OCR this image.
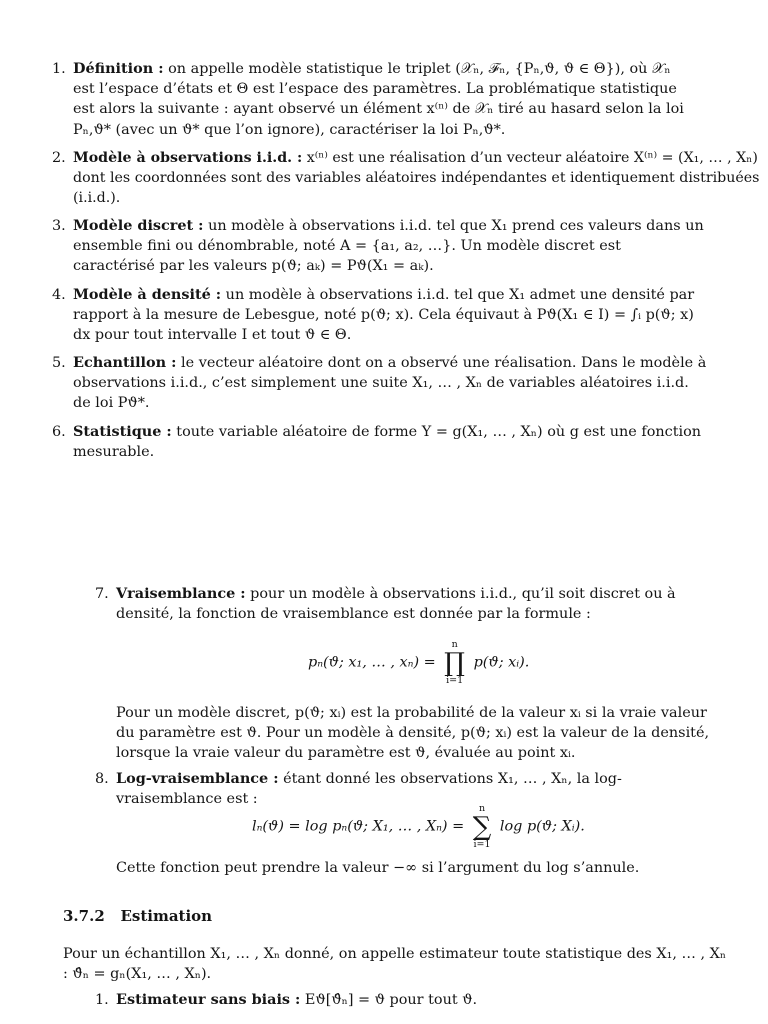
1. Définition : on appelle modèle statistique le triplet (𝒳ₙ, ℱₙ, {Pₙ,ϑ, ϑ ∈ Θ}), où 𝒳ₙ est l’espace d’états et Θ est l’espace des paramètres. La problématique statistique est alors la suivante : ayant observé un élément x⁽ⁿ⁾ de 𝒳ₙ tiré au hasard selon la loi Pₙ,ϑ* (avec un ϑ* que l’on ignore), caractériser la loi Pₙ,ϑ*.

2. Modèle à observations i.i.d. : x⁽ⁿ⁾ est une réalisation d’un vecteur aléatoire X⁽ⁿ⁾ = (X₁, … , Xₙ) dont les coordonnées sont des variables aléatoires indépendantes et identiquement distribuées (i.i.d.).

3. Modèle discret : un modèle à observations i.i.d. tel que X₁ prend ces valeurs dans un ensemble fini ou dénombrable, noté A = {a₁, a₂, …}. Un modèle discret est caractérisé par les valeurs p(ϑ; aₖ) = Pϑ(X₁ = aₖ).

4. Modèle à densité : un modèle à observations i.i.d. tel que X₁ admet une densité par rapport à la mesure de Lebesgue, noté p(ϑ; x). Cela équivaut à Pϑ(X₁ ∈ I) = ∫ᵢ p(ϑ; x) dx pour tout intervalle I et tout ϑ ∈ Θ.

5. Echantillon : le vecteur aléatoire dont on a observé une réalisation. Dans le modèle à observations i.i.d., c’est simplement une suite X₁, … , Xₙ de variables aléatoires i.i.d. de loi Pϑ*.

6. Statistique : toute variable aléatoire de forme Y = g(X₁, … , Xₙ) où g est une fonction mesurable.

7. Vraisemblance : pour un modèle à observations i.i.d., qu’il soit discret ou à densité, la fonction de vraisemblance est donnée par la formule :

pₙ(ϑ; x₁, … , xₙ) =
n
∏
i=1
p(ϑ; xᵢ).

Pour un modèle discret, p(ϑ; xᵢ) est la probabilité de la valeur xᵢ si la vraie valeur du paramètre est ϑ. Pour un modèle à densité, p(ϑ; xᵢ) est la valeur de la densité, lorsque la vraie valeur du paramètre est ϑ, évaluée au point xᵢ.

8. Log-vraisemblance : étant donné les observations X₁, … , Xₙ, la log-vraisemblance est :

lₙ(ϑ) = log pₙ(ϑ; X₁, … , Xₙ) =
n
∑
i=1
log p(ϑ; Xᵢ).

Cette fonction peut prendre la valeur −∞ si l’argument du log s’annule.

3.7.2 Estimation

Pour un échantillon X₁, … , Xₙ donné, on appelle estimateur toute statistique des X₁, … , Xₙ : ϑ̂ₙ = gₙ(X₁, … , Xₙ).

1. Estimateur sans biais : Eϑ[ϑ̂ₙ] = ϑ pour tout ϑ.
